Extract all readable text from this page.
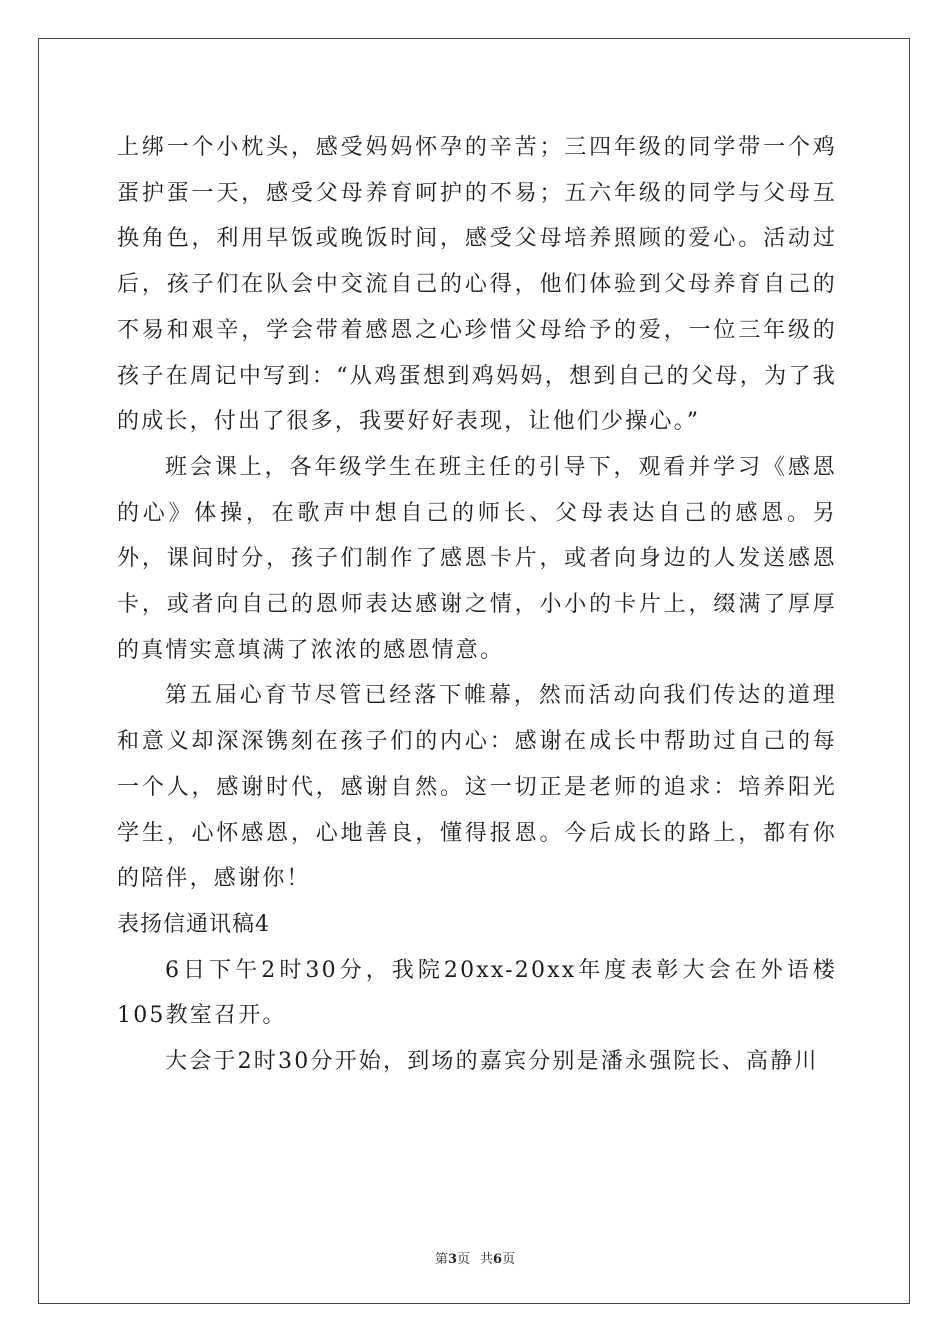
上绑一个小枕头，感受妈妈怀孕的辛苦；三四年级的同学带一个鸡蛋护蛋一天，感受父母养育呵护的不易；五六年级的同学与父母互换角色，利用早饭或晚饭时间，感受父母培养照顾的爱心。活动过后，孩子们在队会中交流自己的心得，他们体验到父母养育自己的不易和艰辛，学会带着感恩之心珍惜父母给予的爱，一位三年级的孩子在周记中写到：“从鸡蛋想到鸡妈妈，想到自己的父母，为了我的成长，付出了很多，我要好好表现，让他们少操心。”

班会课上，各年级学生在班主任的引导下，观看并学习《感恩的心》体操，在歌声中想自己的师长、父母表达自己的感恩。另外，课间时分，孩子们制作了感恩卡片，或者向身边的人发送感恩卡，或者向自己的恩师表达感谢之情，小小的卡片上，缀满了厚厚的真情实意填满了浓浓的感恩情意。

第五届心育节尽管已经落下帷幕，然而活动向我们传达的道理和意义却深深镌刻在孩子们的内心：感谢在成长中帮助过自己的每一个人，感谢时代，感谢自然。这一切正是老师的追求：培养阳光学生，心怀感恩，心地善良，懂得报恩。今后成长的路上，都有你的陪伴，感谢你！

表扬信通讯稿4

6日下午2时30分，我院20xx-20xx年度表彰大会在外语楼105教室召开。

大会于2时30分开始，到场的嘉宾分别是潘永强院长、高静川

第3页 共6页
